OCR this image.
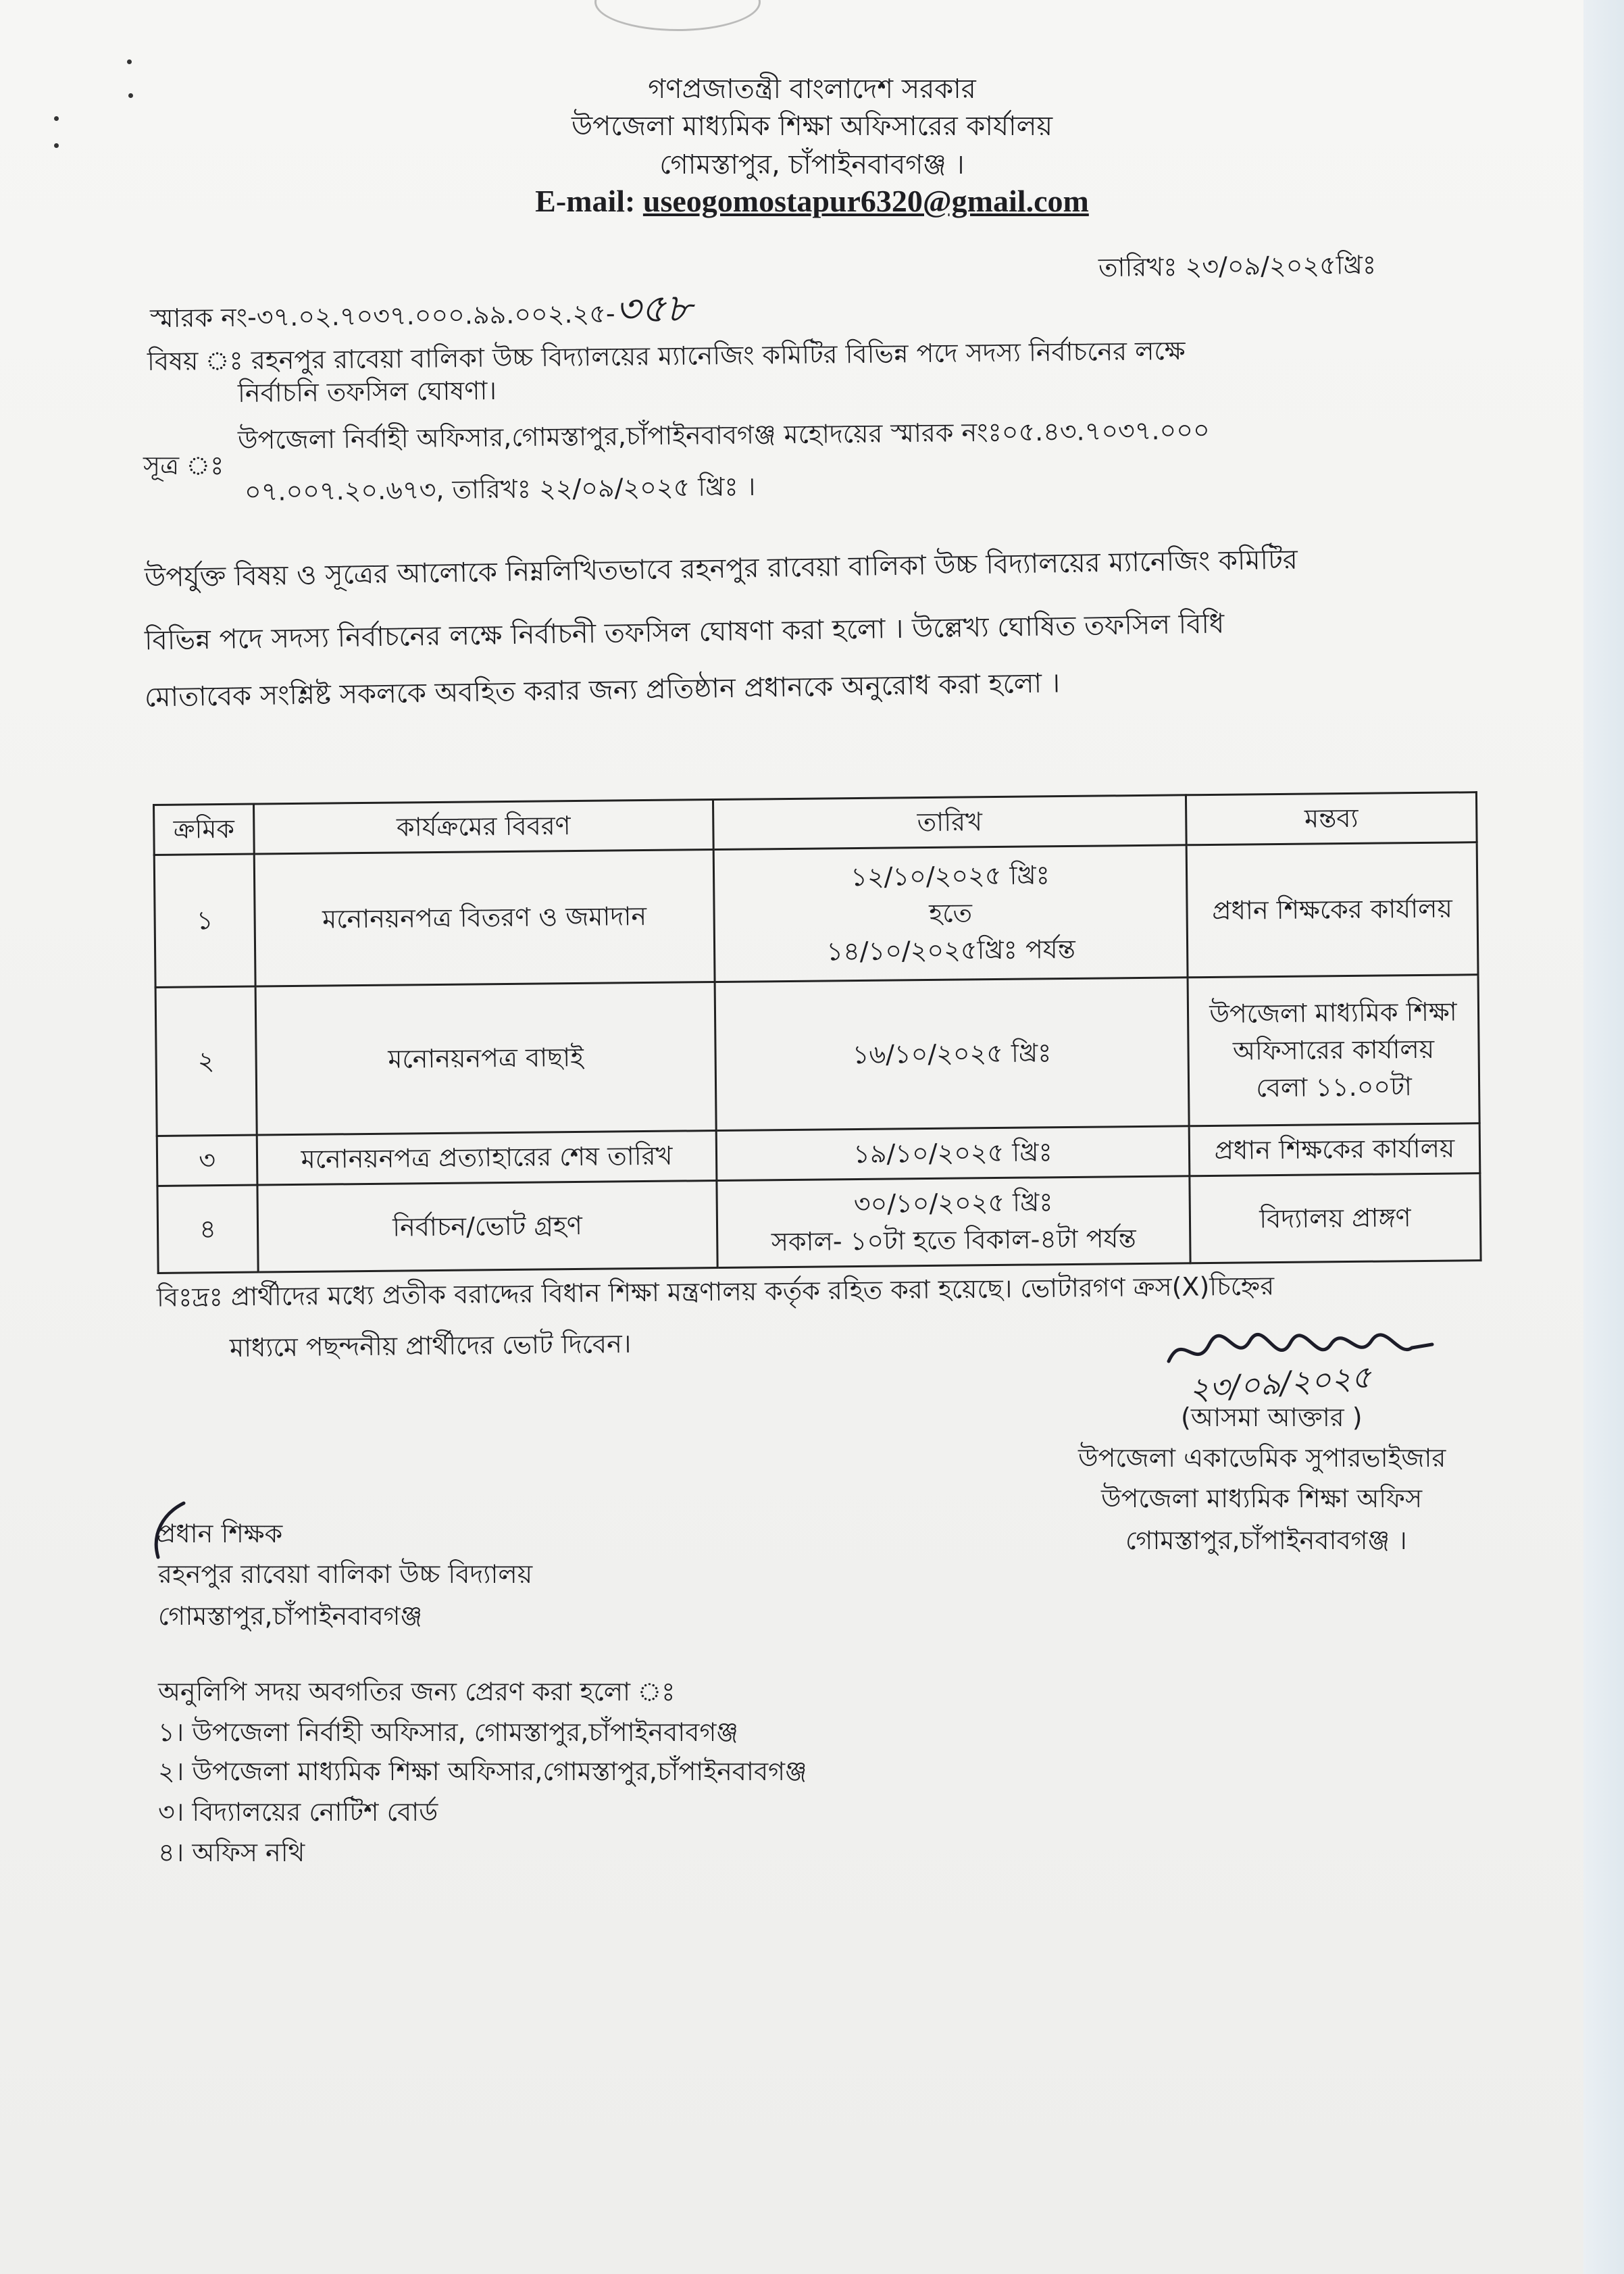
গণপ্রজাতন্ত্রী বাংলাদেশ সরকার
উপজেলা মাধ্যমিক শিক্ষা অফিসারের কার্যালয়
গোমস্তাপুর, চাঁপাইনবাবগঞ্জ ।
E-mail: useogomostapur6320@gmail.com
স্মারক নং-৩৭.০২.৭০৩৭.০০০.৯৯.০০২.২৫-৩৫৮
তারিখঃ ২৩/০৯/২০২৫খ্রিঃ
বিষয় ঃ রহনপুর রাবেয়া বালিকা উচ্চ বিদ্যালয়ের ম্যানেজিং কমিটির বিভিন্ন পদে সদস্য নির্বাচনের লক্ষে
নির্বাচনি তফসিল ঘোষণা।
সূত্র ঃ
উপজেলা নির্বাহী অফিসার,গোমস্তাপুর,চাঁপাইনবাবগঞ্জ মহোদয়ের স্মারক নংঃ০৫.৪৩.৭০৩৭.০০০
০৭.০০৭.২০.৬৭৩, তারিখঃ ২২/০৯/২০২৫ খ্রিঃ ।
উপর্যুক্ত বিষয় ও সূত্রের আলোকে নিম্নলিখিতভাবে রহনপুর রাবেয়া বালিকা উচ্চ বিদ্যালয়ের ম্যানেজিং কমিটির
বিভিন্ন পদে সদস্য নির্বাচনের লক্ষে নির্বাচনী তফসিল ঘোষণা করা হলো । উল্লেখ্য ঘোষিত তফসিল বিধি
মোতাবেক সংশ্লিষ্ট সকলকে অবহিত করার জন্য প্রতিষ্ঠান প্রধানকে অনুরোধ করা হলো ।
ক্রমিক	কার্যক্রমের বিবরণ	তারিখ	মন্তব্য
১	মনোনয়নপত্র বিতরণ ও জমাদান	১২/১০/২০২৫ খ্রিঃ
হতে
১৪/১০/২০২৫খ্রিঃ পর্যন্ত	প্রধান শিক্ষকের কার্যালয়

২	মনোনয়নপত্র বাছাই	১৬/১০/২০২৫ খ্রিঃ	উপজেলা মাধ্যমিক শিক্ষা
অফিসারের কার্যালয়
বেলা ১১.০০টা

৩	মনোনয়নপত্র প্রত্যাহারের শেষ তারিখ	১৯/১০/২০২৫ খ্রিঃ	প্রধান শিক্ষকের কার্যালয়

৪	নির্বাচন/ভোট গ্রহণ	৩০/১০/২০২৫ খ্রিঃ
সকাল- ১০টা হতে বিকাল-৪টা পর্যন্ত	বিদ্যালয় প্রাঙ্গণ
বিঃদ্রঃ প্রার্থীদের মধ্যে প্রতীক বরাদ্দের বিধান শিক্ষা মন্ত্রণালয় কর্তৃক রহিত করা হয়েছে। ভোটারগণ ক্রস(X)চিহ্নের
মাধ্যমে পছন্দনীয় প্রার্থীদের ভোট দিবেন।
২৩/০৯/২০২৫
(আসমা আক্তার )
উপজেলা একাডেমিক সুপারভাইজার
উপজেলা মাধ্যমিক শিক্ষা অফিস
গোমস্তাপুর,চাঁপাইনবাবগঞ্জ ।
প্রধান শিক্ষক
রহনপুর রাবেয়া বালিকা উচ্চ বিদ্যালয়
গোমস্তাপুর,চাঁপাইনবাবগঞ্জ
অনুলিপি সদয় অবগতির জন্য প্রেরণ করা হলো ঃ
১। উপজেলা নির্বাহী অফিসার, গোমস্তাপুর,চাঁপাইনবাবগঞ্জ
২। উপজেলা মাধ্যমিক শিক্ষা অফিসার,গোমস্তাপুর,চাঁপাইনবাবগঞ্জ
৩। বিদ্যালয়ের নোটিশ বোর্ড
৪। অফিস নথি
